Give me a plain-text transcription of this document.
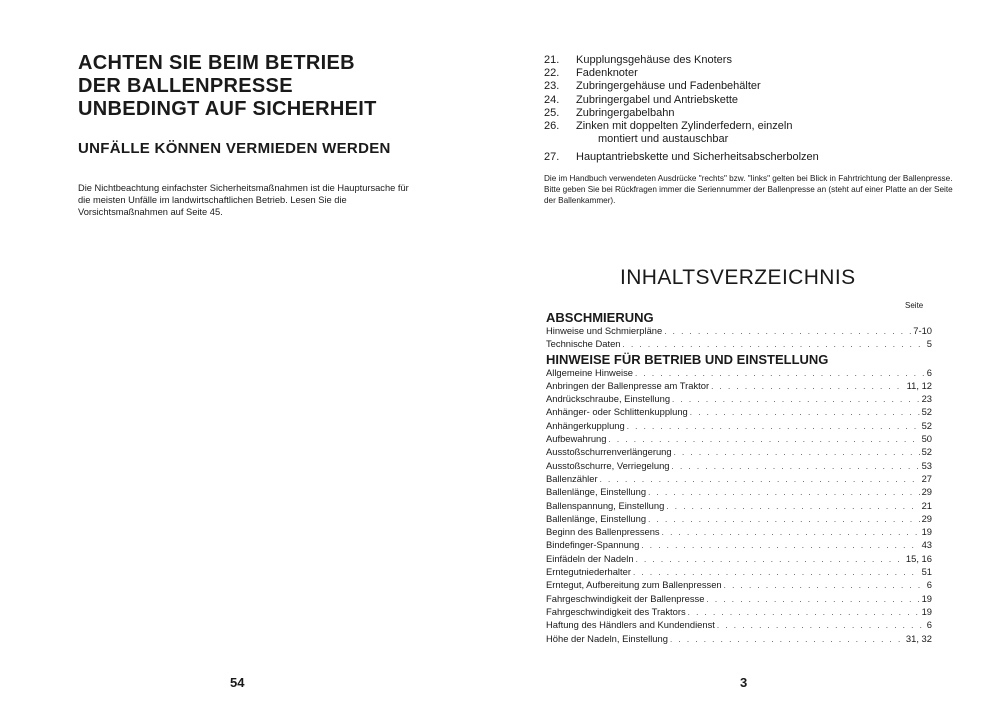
ACHTEN SIE BEIM BETRIEB
DER BALLENPRESSE
UNBEDINGT AUF SICHERHEIT
UNFÄLLE KÖNNEN VERMIEDEN WERDEN
Die Nichtbeachtung einfachster Sicherheitsmaßnahmen ist die Hauptursache für die meisten Unfälle im landwirtschaftlichen Betrieb. Lesen Sie die Vorsichtsmaßnahmen auf Seite 45.
54
21.	Kupplungsgehäuse des Knoters
22.	Fadenknoter
23.	Zubringergehäuse und Fadenbehälter
24.	Zubringergabel und Antriebskette
25.	Zubringergabelbahn
26.	Zinken mit doppelten Zylinderfedern, einzeln
montiert und austauschbar
27.	Hauptantriebskette und Sicherheitsabscherbolzen
Die im Handbuch verwendeten Ausdrücke "rechts" bzw. "links" gelten bei Blick in Fahrtrichtung der Ballenpresse. Bitte geben Sie bei Rückfragen immer die Seriennummer der Ballenpresse an (steht auf einer Platte an der Seite der Ballenkammer).
INHALTSVERZEICHNIS
Seite
ABSCHMIERUNG
Hinweise und Schmierpläne . . .	7-10
Technische Daten . . .	5
HINWEISE FÜR BETRIEB UND EINSTELLUNG
Allgemeine Hinweise . . .	6
Anbringen der Ballenpresse am Traktor . . .	11, 12
Andrückschraube, Einstellung . . .	23
Anhänger- oder Schlittenkupplung . . .	52
Anhängerkupplung . . .	52
Aufbewahrung . . .	50
Ausstoßschurrenverlängerung . . .	52
Ausstoßschurre, Verriegelung . . .	53
Ballenzähler . . .	27
Ballenlänge, Einstellung . . .	29
Ballenspannung, Einstellung . . .	21
Ballenlänge, Einstellung . . .	29
Beginn des Ballenpressens . . .	19
Bindefinger-Spannung . . .	43
Einfädeln der Nadeln . . .	15, 16
Erntegutniederhalter . . .	51
Erntegut, Aufbereitung zum Ballenpressen . . .	6
Fahrgeschwindigkeit der Ballenpresse . . .	19
Fahrgeschwindigkeit des Traktors . . .	19
Haftung des Händlers and Kundendienst . . .	6
Höhe der Nadeln, Einstellung . . .	31, 32
3
